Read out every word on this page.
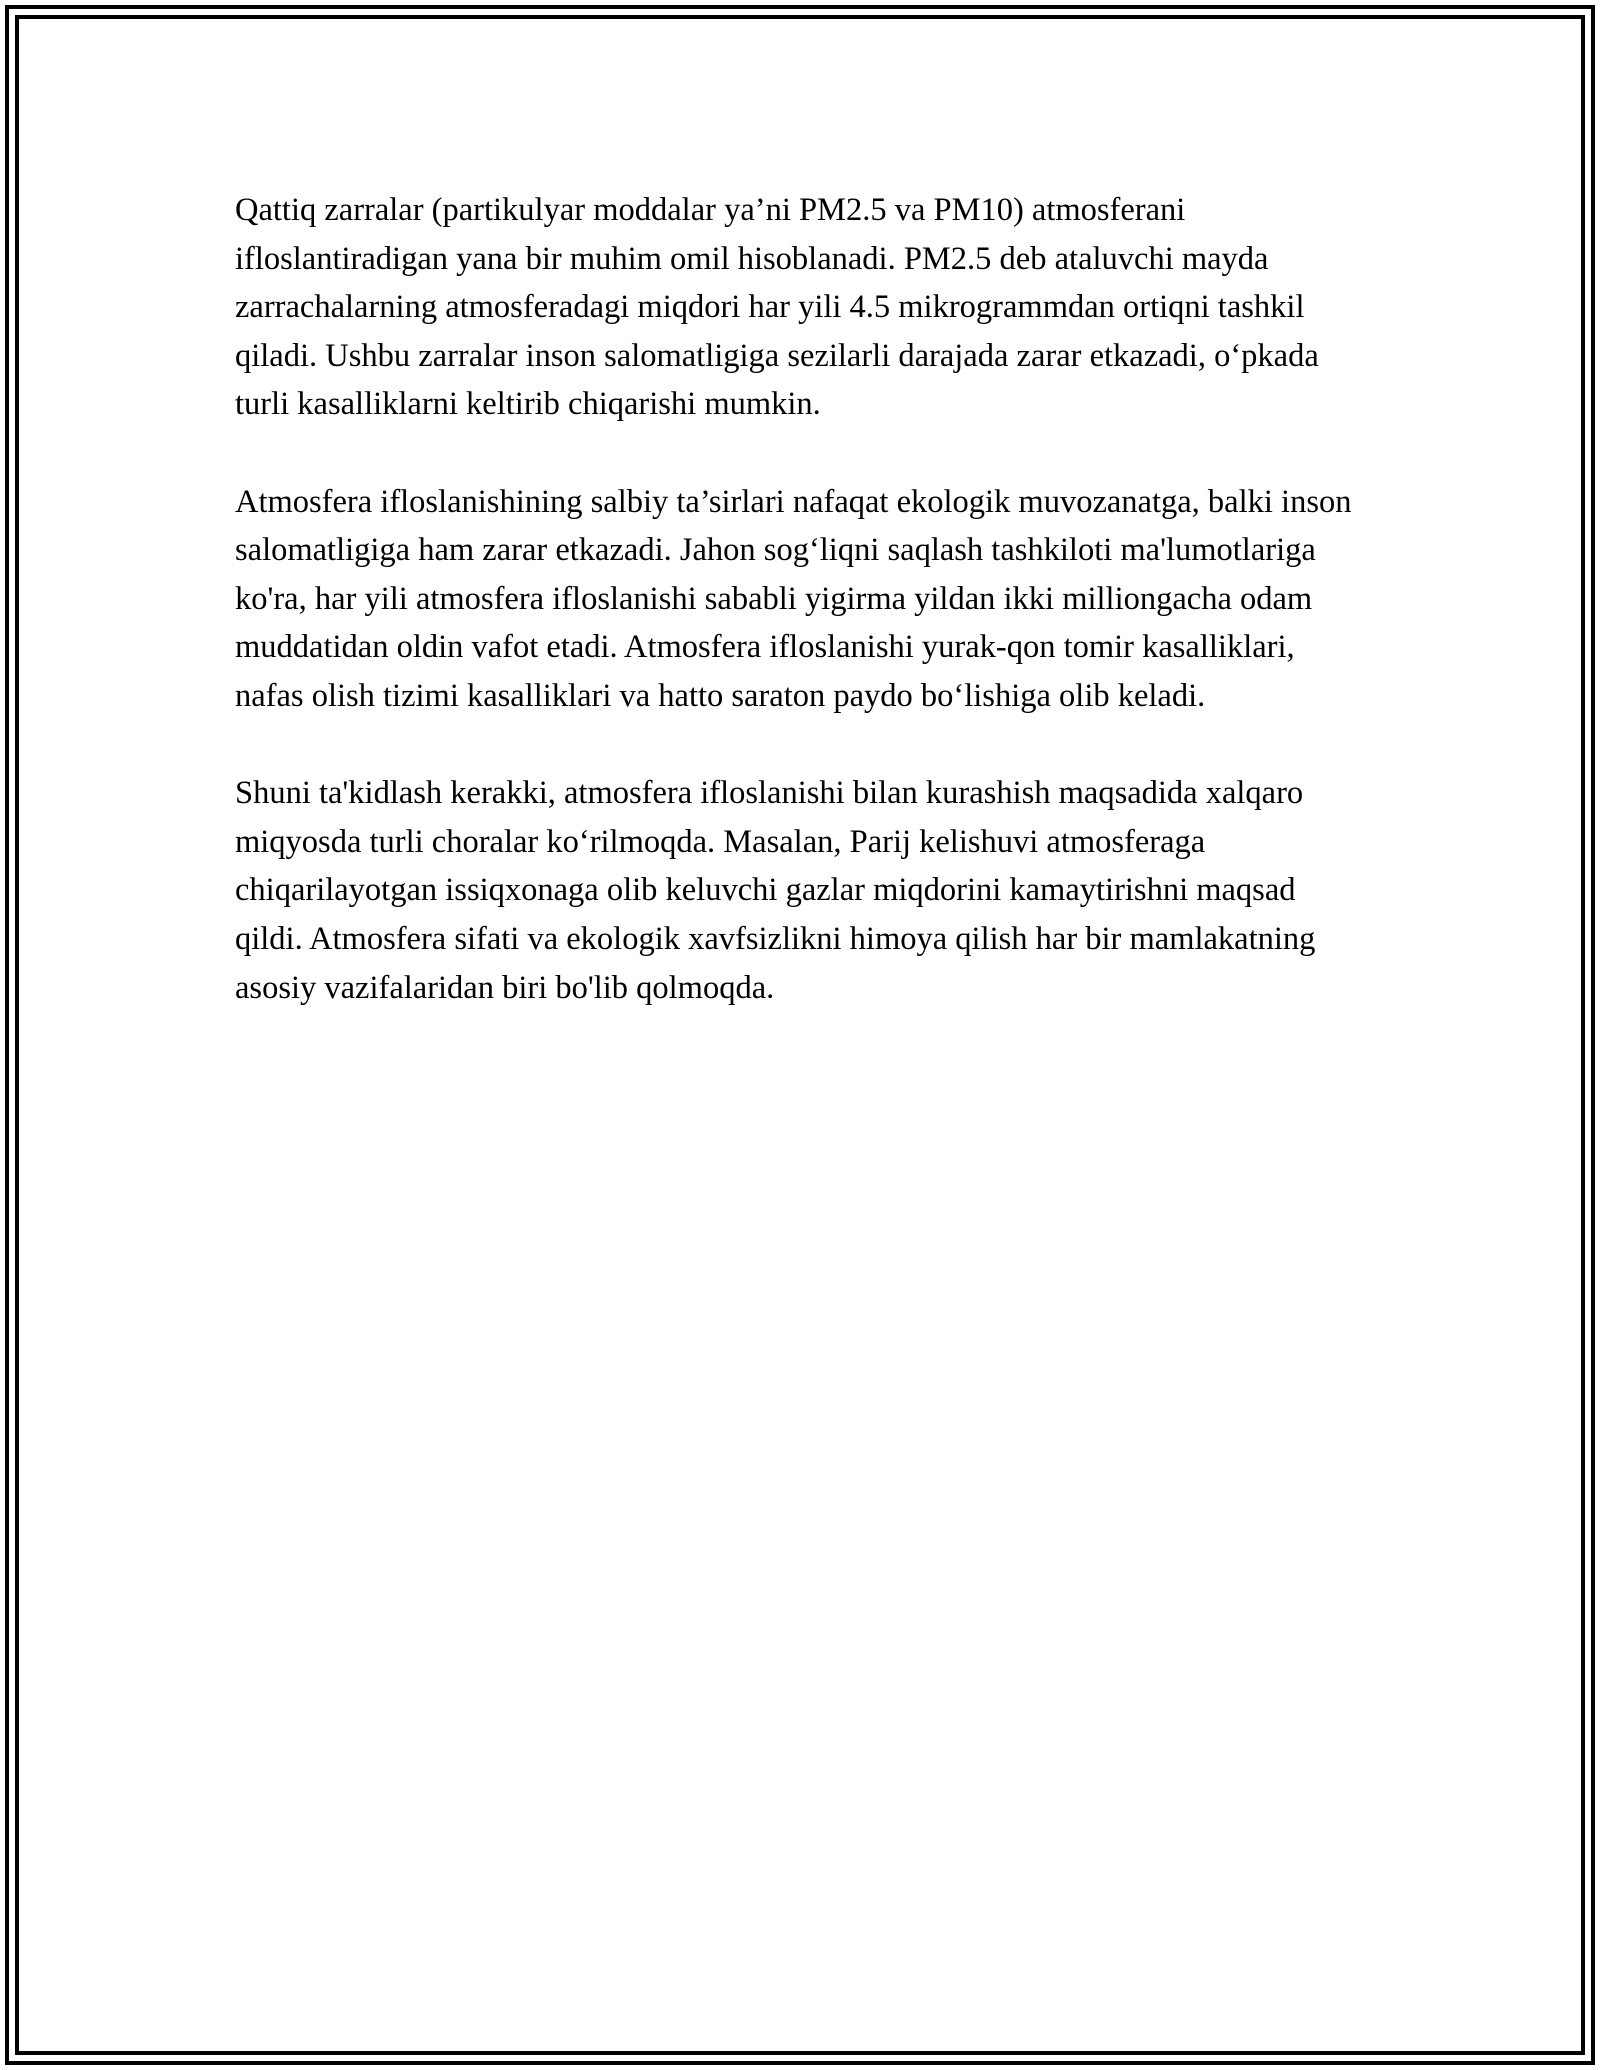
Qattiq zarralar (partikulyar moddalar ya’ni PM2.5 va PM10) atmosferani ifloslantiradigan yana bir muhim omil hisoblanadi. PM2.5 deb ataluvchi mayda zarrachalarning atmosferadagi miqdori har yili 4.5 mikrogrammdan ortiqni tashkil qiladi. Ushbu zarralar inson salomatligiga sezilarli darajada zarar etkazadi, o‘pkada turli kasalliklarni keltirib chiqarishi mumkin.

Atmosfera ifloslanishining salbiy ta’sirlari nafaqat ekologik muvozanatga, balki inson salomatligiga ham zarar etkazadi. Jahon sog‘liqni saqlash tashkiloti ma'lumotlariga ko'ra, har yili atmosfera ifloslanishi sababli yigirma yildan ikki milliongacha odam muddatidan oldin vafot etadi. Atmosfera ifloslanishi yurak-qon tomir kasalliklari, nafas olish tizimi kasalliklari va hatto saraton paydo bo‘lishiga olib keladi.

Shuni ta'kidlash kerakki, atmosfera ifloslanishi bilan kurashish maqsadida xalqaro miqyosda turli choralar ko‘rilmoqda. Masalan, Parij kelishuvi atmosferaga chiqarilayotgan issiqxonaga olib keluvchi gazlar miqdorini kamaytirishni maqsad qildi. Atmosfera sifati va ekologik xavfsizlikni himoya qilish har bir mamlakatning asosiy vazifalaridan biri bo'lib qolmoqda.
